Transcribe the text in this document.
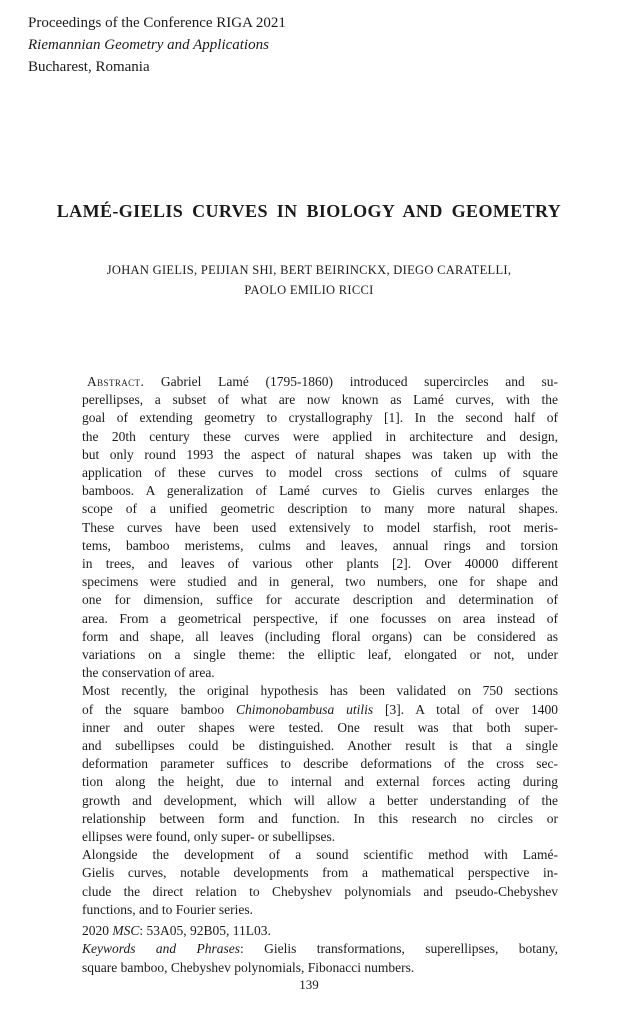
Proceedings of the Conference RIGA 2021
Riemannian Geometry and Applications
Bucharest, Romania
LAMÉ-GIELIS CURVES IN BIOLOGY AND GEOMETRY
JOHAN GIELIS, PEIJIAN SHI, BERT BEIRINCKX, DIEGO CARATELLI,
PAOLO EMILIO RICCI
Abstract. Gabriel Lamé (1795-1860) introduced supercircles and su-
perellipses, a subset of what are now known as Lamé curves, with the
goal of extending geometry to crystallography [1]. In the second half of
the 20th century these curves were applied in architecture and design,
but only round 1993 the aspect of natural shapes was taken up with the
application of these curves to model cross sections of culms of square
bamboos. A generalization of Lamé curves to Gielis curves enlarges the
scope of a unified geometric description to many more natural shapes.
These curves have been used extensively to model starfish, root meris-
tems, bamboo meristems, culms and leaves, annual rings and torsion
in trees, and leaves of various other plants [2]. Over 40000 different
specimens were studied and in general, two numbers, one for shape and
one for dimension, suffice for accurate description and determination of
area. From a geometrical perspective, if one focusses on area instead of
form and shape, all leaves (including floral organs) can be considered as
variations on a single theme: the elliptic leaf, elongated or not, under
the conservation of area.
Most recently, the original hypothesis has been validated on 750 sections
of the square bamboo Chimonobambusa utilis [3]. A total of over 1400
inner and outer shapes were tested. One result was that both super-
and subellipses could be distinguished. Another result is that a single
deformation parameter suffices to describe deformations of the cross sec-
tion along the height, due to internal and external forces acting during
growth and development, which will allow a better understanding of the
relationship between form and function. In this research no circles or
ellipses were found, only super- or subellipses.
Alongside the development of a sound scientific method with Lamé-
Gielis curves, notable developments from a mathematical perspective in-
clude the direct relation to Chebyshev polynomials and pseudo-Chebyshev
functions, and to Fourier series.
2020 MSC: 53A05, 92B05, 11L03.
Keywords and Phrases: Gielis transformations, superellipses, botany,
square bamboo, Chebyshev polynomials, Fibonacci numbers.
139
